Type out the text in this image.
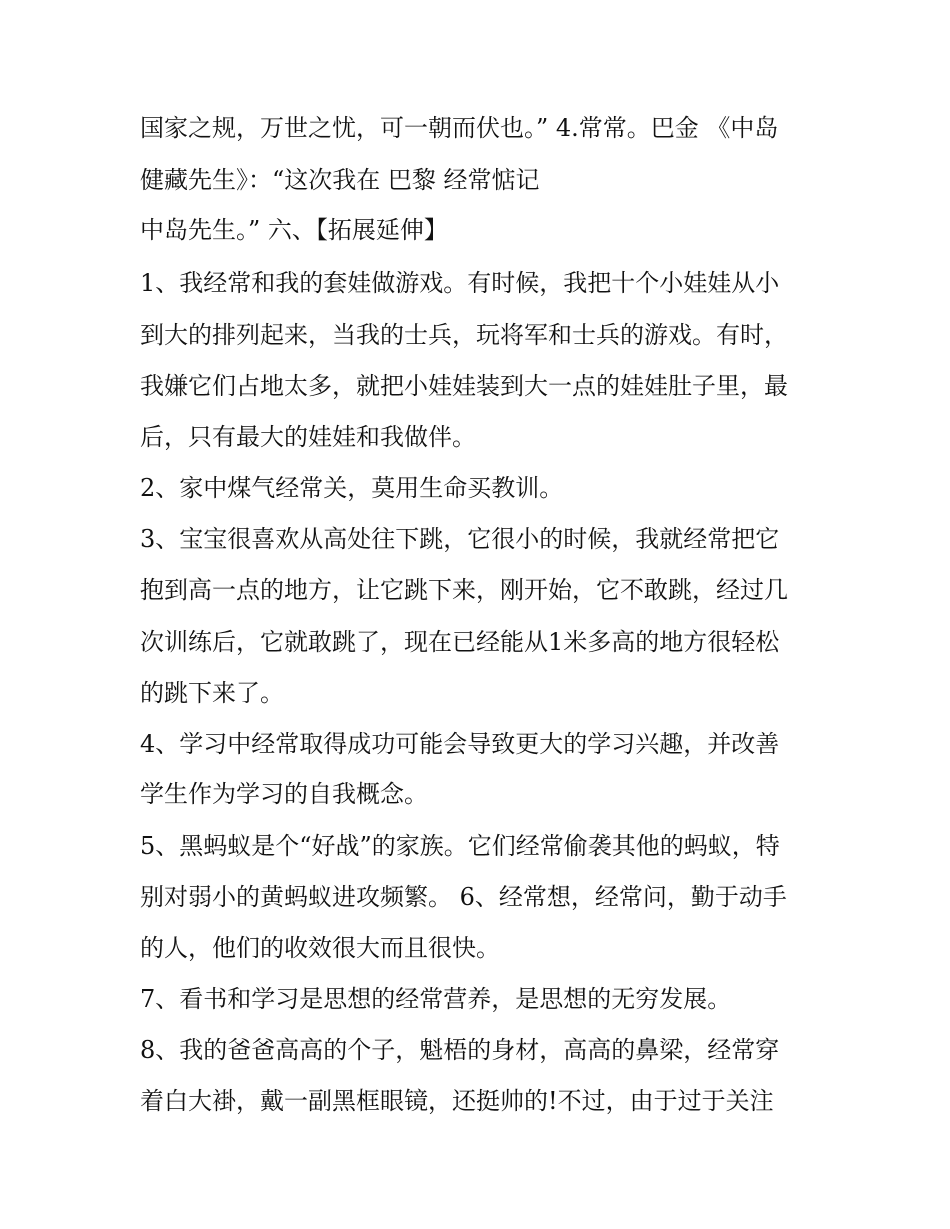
国家之规，万世之忧，可一朝而伏也。” 4.常常。巴金 《中岛
健藏先生》：“这次我在 巴黎 经常惦记
中岛先生。” 六、【拓展延伸】
1、我经常和我的套娃做游戏。有时候，我把十个小娃娃从小
到大的排列起来，当我的士兵，玩将军和士兵的游戏。有时，
我嫌它们占地太多，就把小娃娃装到大一点的娃娃肚子里，最
后，只有最大的娃娃和我做伴。
2、家中煤气经常关，莫用生命买教训。
3、宝宝很喜欢从高处往下跳，它很小的时候，我就经常把它
抱到高一点的地方，让它跳下来，刚开始，它不敢跳，经过几
次训练后，它就敢跳了，现在已经能从1米多高的地方很轻松
的跳下来了。
4、学习中经常取得成功可能会导致更大的学习兴趣，并改善
学生作为学习的自我概念。
5、黑蚂蚁是个“好战”的家族。它们经常偷袭其他的蚂蚁，特
别对弱小的黄蚂蚁进攻频繁。 6、经常想，经常问，勤于动手
的人，他们的收效很大而且很快。
7、看书和学习是思想的经常营养，是思想的无穷发展。
8、我的爸爸高高的个子，魁梧的身材，高高的鼻梁，经常穿
着白大褂，戴一副黑框眼镜，还挺帅的!不过，由于过于关注
